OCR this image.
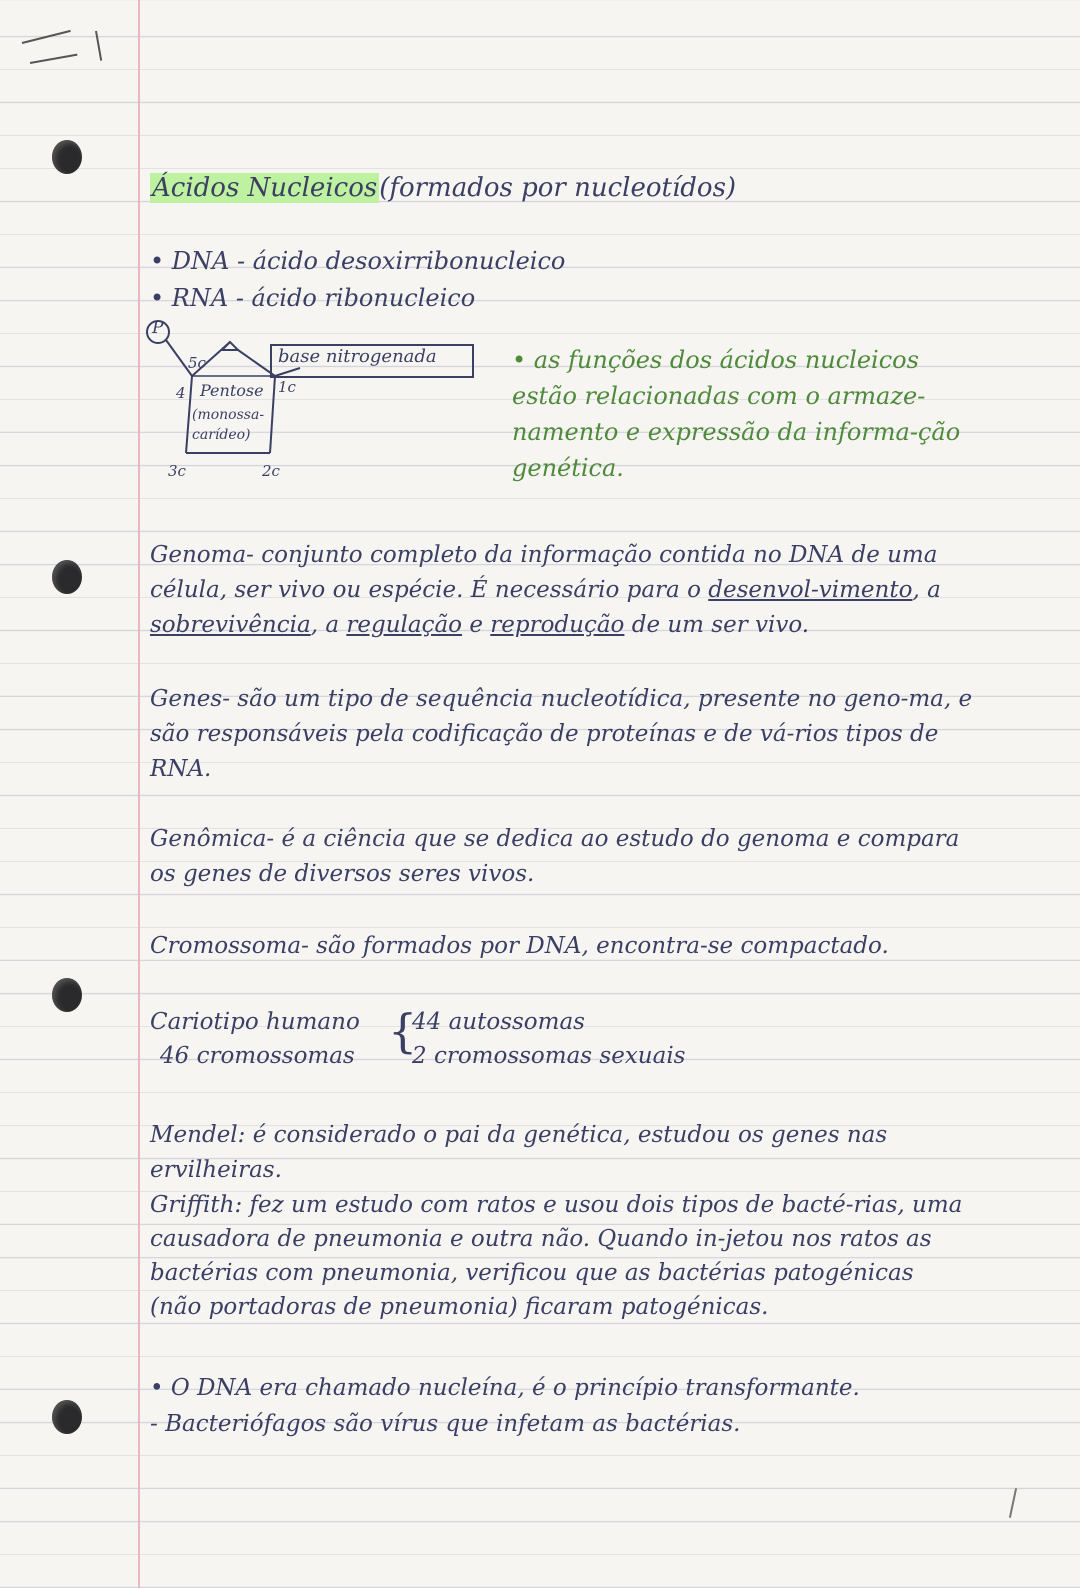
Ácidos Nucleicos(formados por nucleotídos)
• DNA - ácido desoxirribonucleico
• RNA - ácido ribonucleico
P
5c
4 Pentose 1c
(monossa-
carídeo)
3c	2c
base nitrogenada	• as funções dos ácidos nucleicos estão relacionadas com o armaze-namento e expressão da informa-ção genética.
Genoma- conjunto completo da informação contida no DNA de uma célula, ser vivo ou espécie. É necessário para o desenvol-vimento, a sobrevivência, a regulação e reprodução de um ser vivo.
Genes- são um tipo de sequência nucleotídica, presente no geno-ma, e são responsáveis pela codificação de proteínas e de vá-rios tipos de RNA.
Genômica- é a ciência que se dedica ao estudo do genoma e compara os genes de diversos seres vivos.
Cromossoma- são formados por DNA, encontra-se compactado.
Cariotipo humano
46 cromossomas {
44 autossomas
2 cromossomas sexuais
Mendel: é considerado o pai da genética, estudou os genes nas ervilheiras.
Griffith: fez um estudo com ratos e usou dois tipos de bacté-rias, uma causadora de pneumonia e outra não. Quando in-jetou nos ratos as bactérias com pneumonia, verificou que as bactérias patogénicas (não portadoras de pneumonia) ficaram patogénicas.
• O DNA era chamado nucleína, é o princípio transformante.
- Bacteriófagos são vírus que infetam as bactérias.
